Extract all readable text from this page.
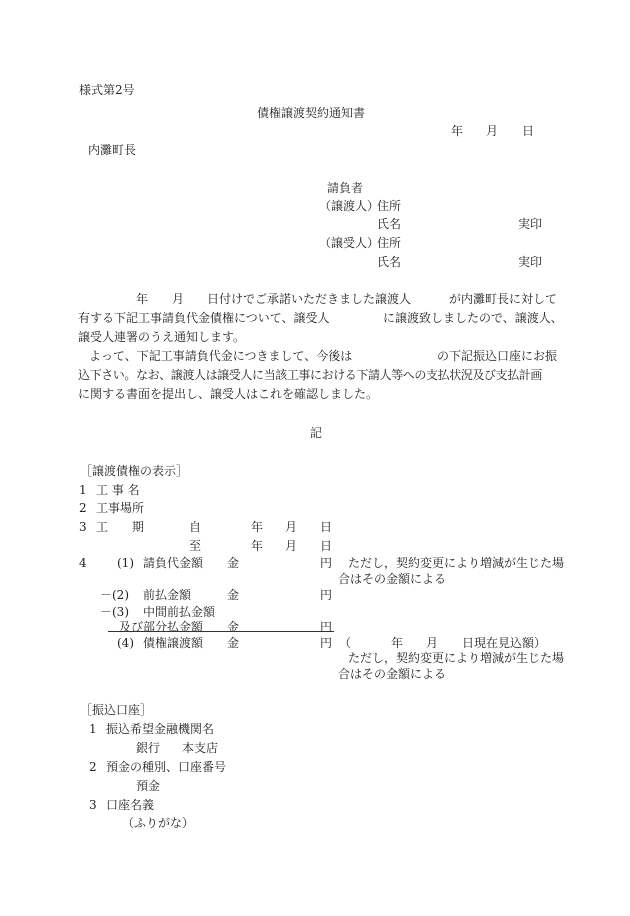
様式第2号
債権譲渡契約通知書
年 月 日
内灘町長
請負者
（譲渡人）
住所
氏名	実印
（譲受人）
住所
氏名	実印
年 月 日付けでご承諾いただきました譲渡人	が内灘町長に対して
有する下記工事請負代金債権について、譲受人	に譲渡致しましたので、譲渡人、
譲受人連署のうえ通知します。
よって、下記工事請負代金につきまして、今後は	の下記振込口座にお振
込下さい。なお、譲渡人は譲受人に当該工事における下請人等への支払状況及び支払計画
に関する書面を提出し、譲受人はこれを確認しました。
記
［譲渡債権の表示］
1 工 事 名
2 工事場所
3 工　　期	自	年 月 日
至	年 月 日
4	(1) 請負代金額 金	円 ただし，契約変更により増減が生じた場
合はその金額による
－(2) 前払金額	金	円
－(3) 中間前払金額
及び部分払金額 金	円
(4) 債権譲渡額 金	円 （	年 月 日現在見込額）
ただし，契約変更により増減が生じた場
合はその金額による
［振込口座］
1 振込希望金融機関名
銀行 本支店
2 預金の種別、口座番号
預金
3 口座名義
（ふりがな）
